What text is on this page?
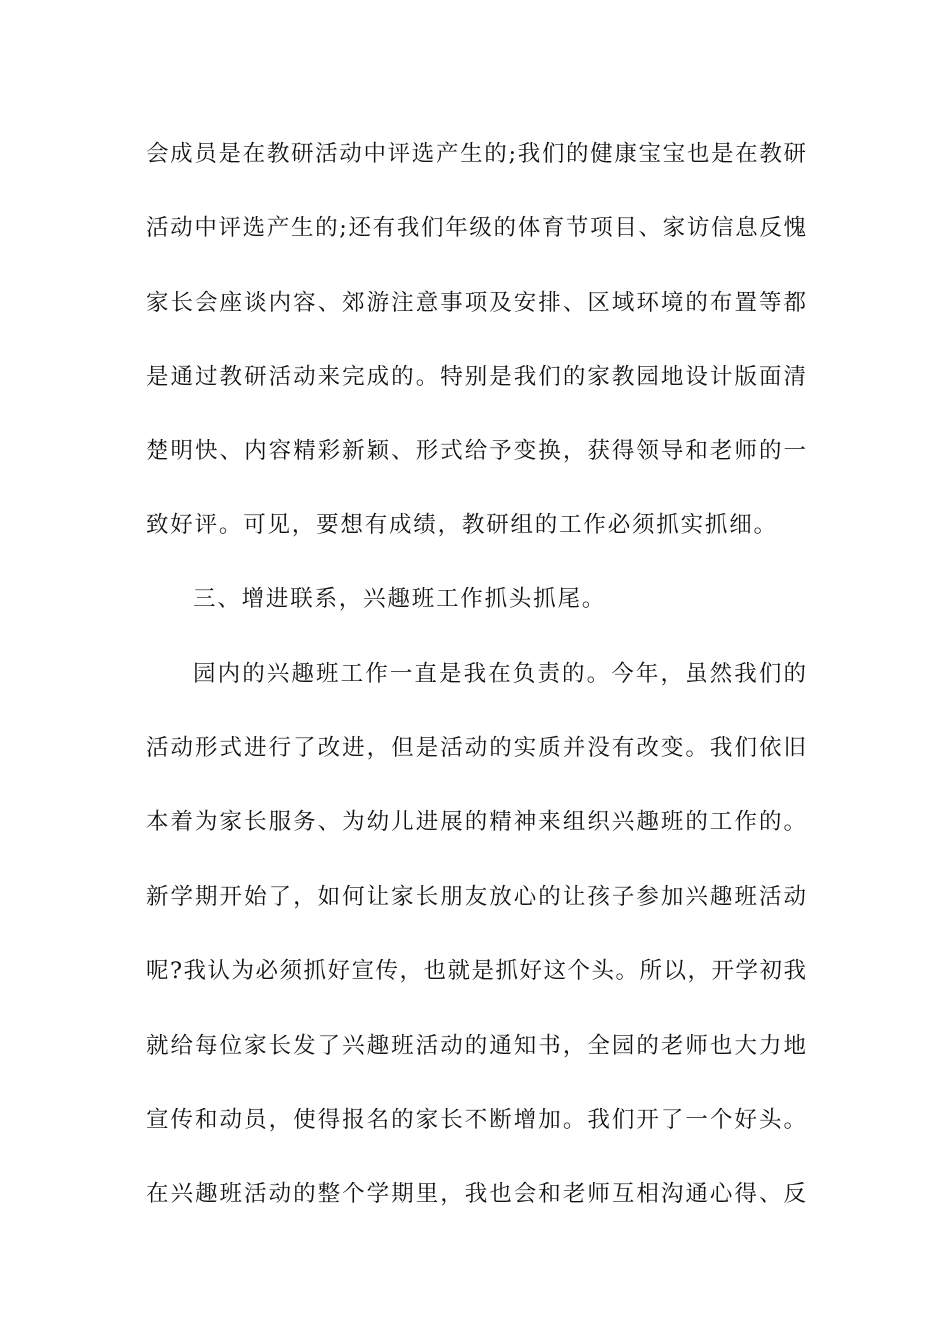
会成员是在教研活动中评选产生的;我们的健康宝宝也是在教研
活动中评选产生的;还有我们年级的体育节项目、家访信息反愧
家长会座谈内容、郊游注意事项及安排、区域环境的布置等都
是通过教研活动来完成的。特别是我们的家教园地设计版面清
楚明快、内容精彩新颖、形式给予变换，获得领导和老师的一
致好评。可见，要想有成绩，教研组的工作必须抓实抓细。
三、增进联系，兴趣班工作抓头抓尾。
园内的兴趣班工作一直是我在负责的。今年，虽然我们的
活动形式进行了改进，但是活动的实质并没有改变。我们依旧
本着为家长服务、为幼儿进展的精神来组织兴趣班的工作的。
新学期开始了，如何让家长朋友放心的让孩子参加兴趣班活动
呢?我认为必须抓好宣传，也就是抓好这个头。所以，开学初我
就给每位家长发了兴趣班活动的通知书，全园的老师也大力地
宣传和动员，使得报名的家长不断增加。我们开了一个好头。
在兴趣班活动的整个学期里，我也会和老师互相沟通心得、反
